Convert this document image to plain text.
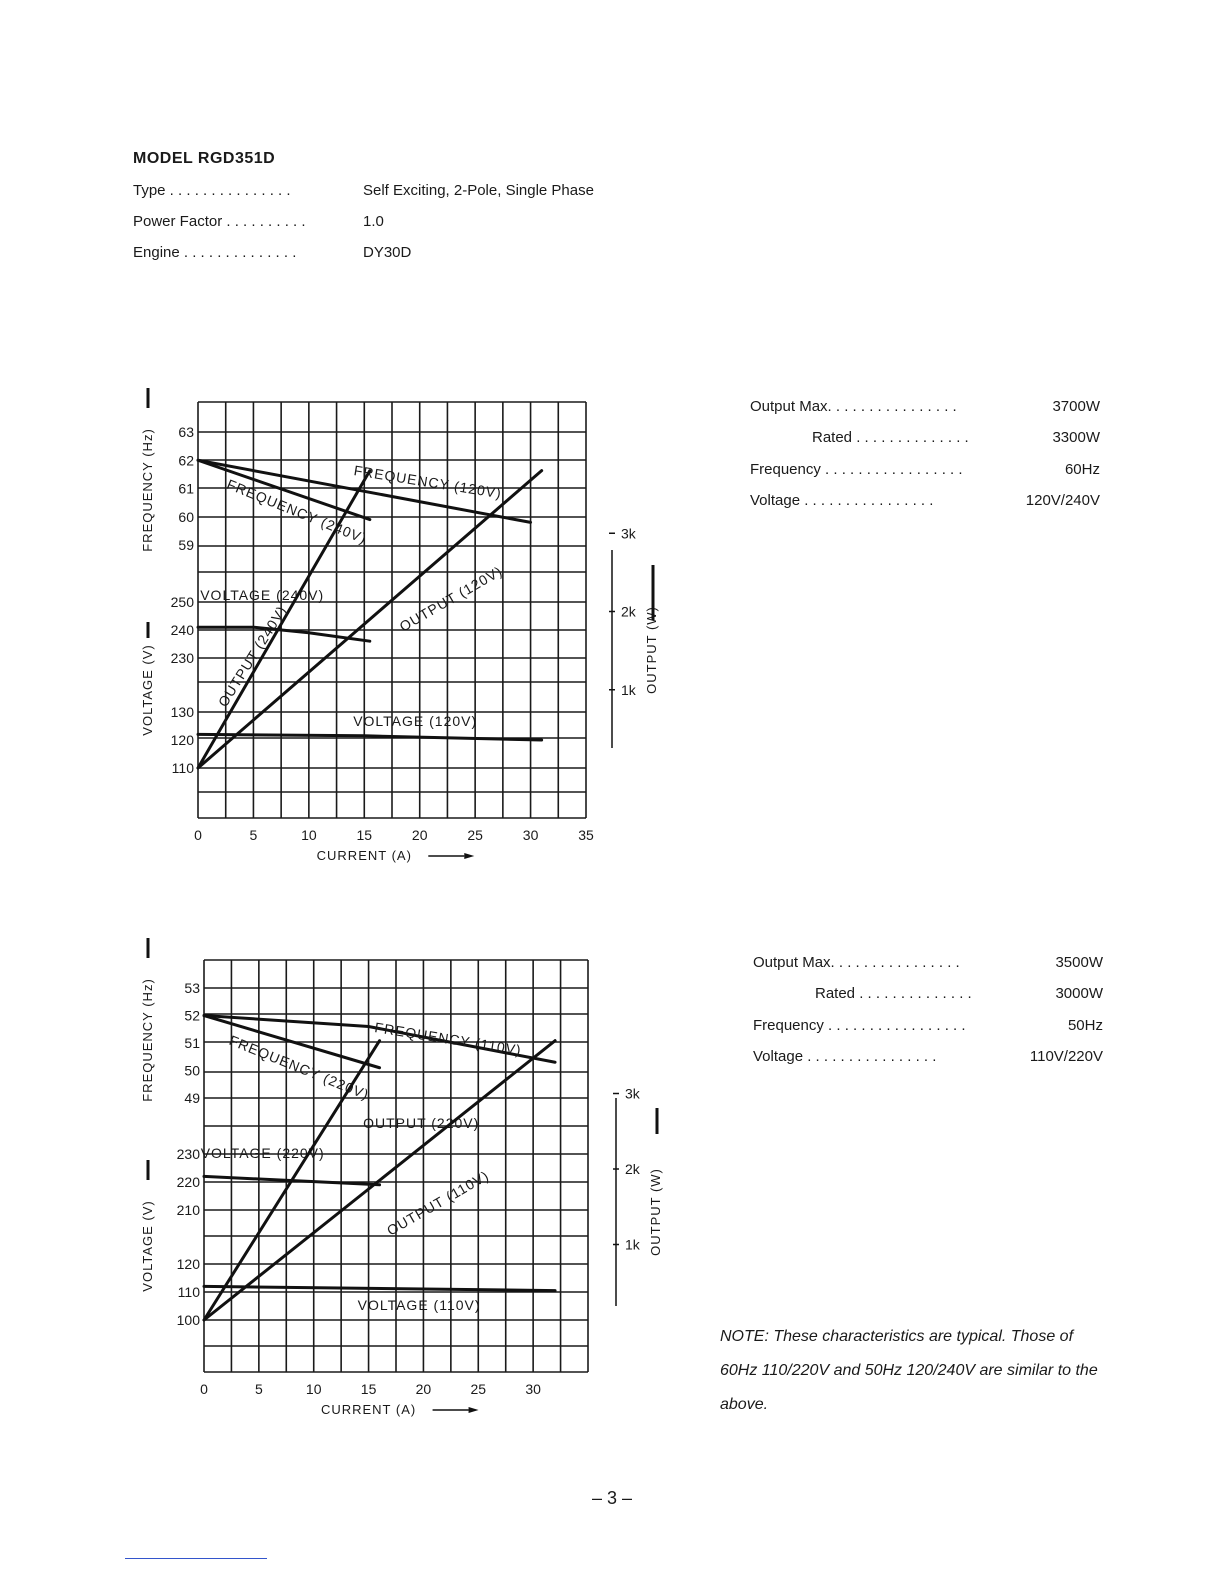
MODEL RGD351D
Type . . . . . . . . . . . . . . .	Self Exciting, 2-Pole, Single Phase
Power Factor . . . . . . . . . .	1.0
Engine . . . . . . . . . . . . . .	DY30D
Output Max. . . . . . . . . . . . . . . .	3700W
Rated . . . . . . . . . . . . . .	3300W
Frequency . . . . . . . . . . . . . . . . .	60Hz
Voltage . . . . . . . . . . . . . . . .	120V/240V
Output Max. . . . . . . . . . . . . . . .	3500W
Rated . . . . . . . . . . . . . .	3000W
Frequency . . . . . . . . . . . . . . . . .	50Hz
Voltage . . . . . . . . . . . . . . . .	110V/220V
63
62
61
60
59
250
240
230
130
120
110
0	5	10	15	20	25	30	35
CURRENT (A)
FREQUENCY (Hz)
VOLTAGE (V)
3k
2k
1k OUTPUT (W)
FREQUENCY (120V)
FREQUENCY (240V)
VOLTAGE (240V)
VOLTAGE (120V)
OUTPUT (240V)
OUTPUT (120V)
53
52
51
50
49
230
220
210
120
110
100
0	5	10	15	20	25	30
CURRENT (A)
FREQUENCY (Hz)
VOLTAGE (V)
3k
2k
1k OUTPUT (W)
FREQUENCY (110V)
FREQUENCY (220V)
VOLTAGE (220V)
VOLTAGE (110V)
OUTPUT (220V)
OUTPUT (110V)
NOTE: These characteristics are typical. Those of 60Hz 110/220V and 50Hz 120/240V are similar to the above.
– 3 –
